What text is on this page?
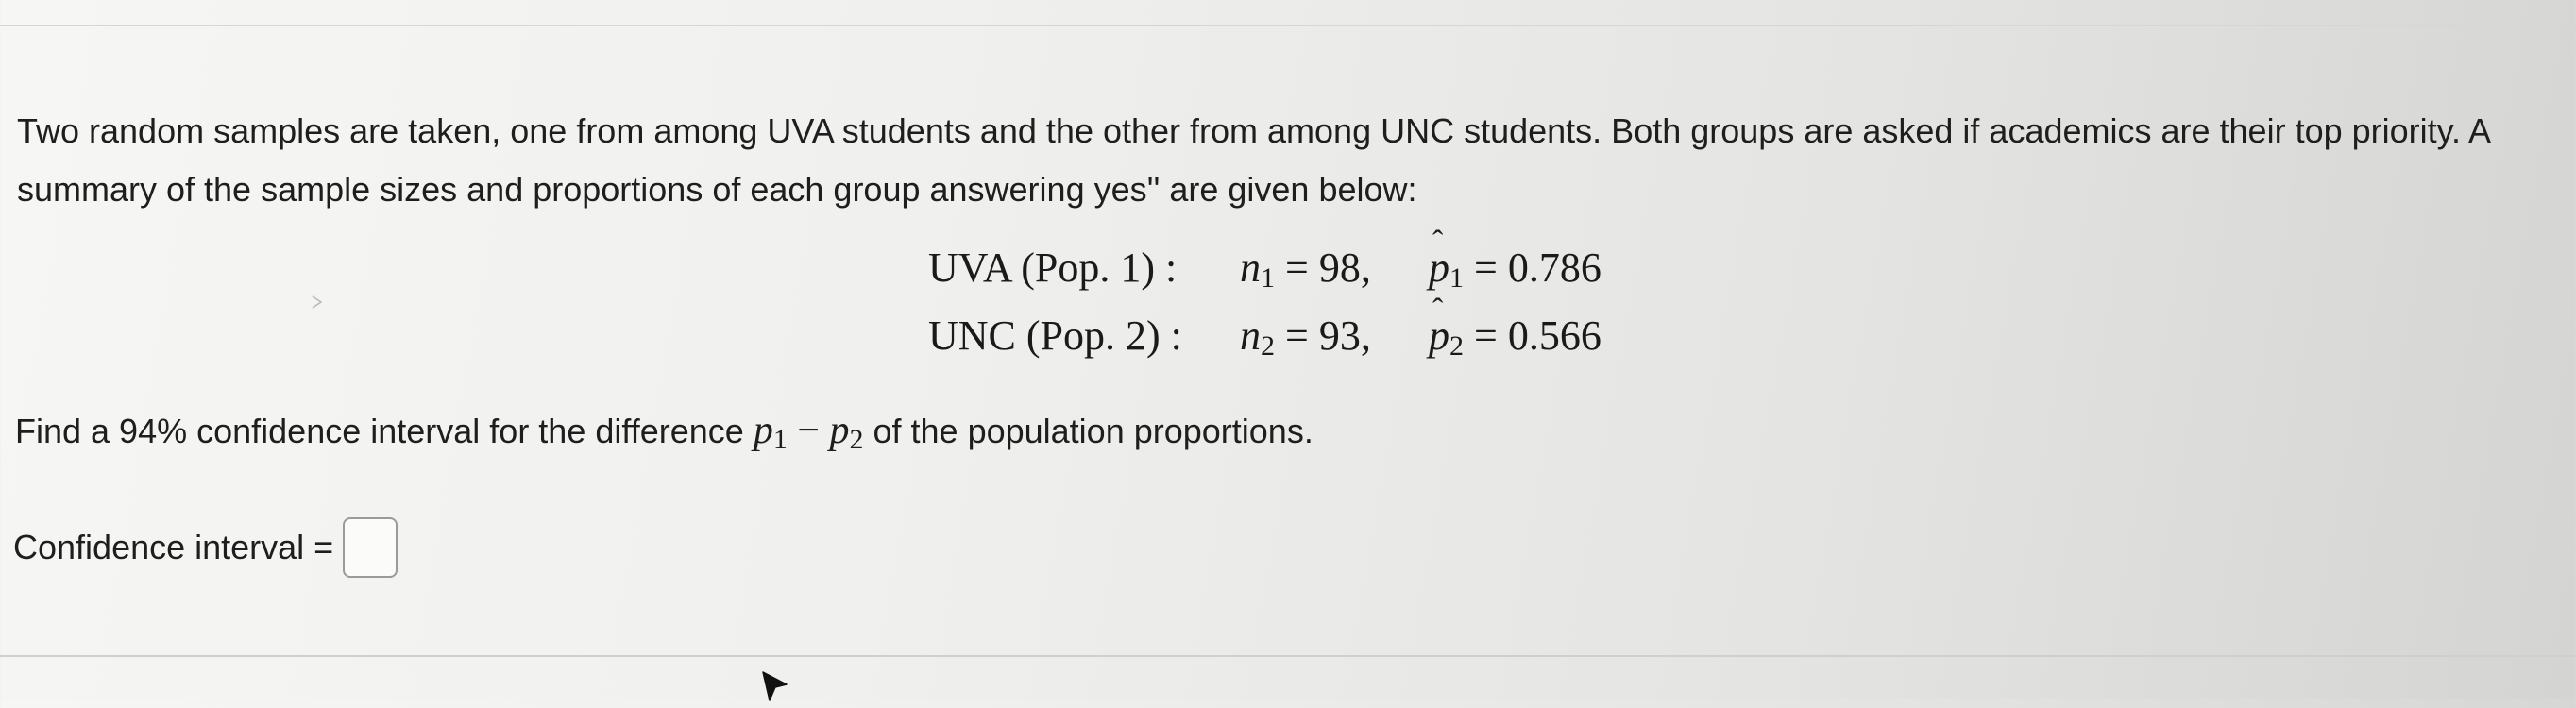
Two random samples are taken, one from among UVA students and the other from among UNC students. Both groups are asked if academics are their top priority. A summary of the sample sizes and proportions of each group answering yes'' are given below:

UVA (Pop. 1) :	$n_1 = 98$,	ˆ $p_1 = 0.786$
UNC (Pop. 2) :	$n_2 = 93$,	ˆ $p_2 = 0.566$
Find a 94% confidence interval for the difference $p_1 - p_2$ of the population proportions.
Confidence interval =
